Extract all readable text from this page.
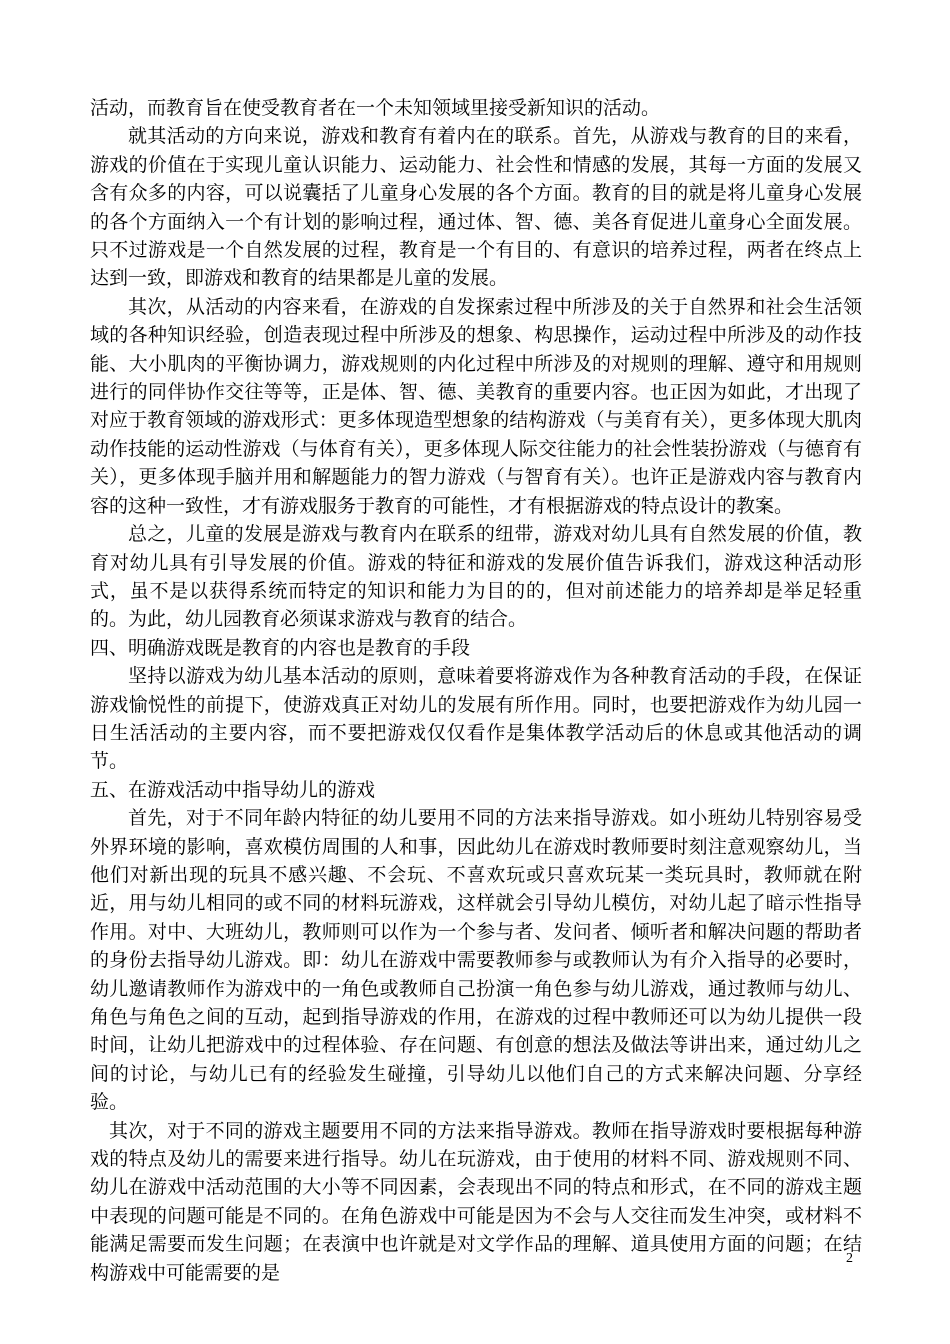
活动，而教育旨在使受教育者在一个未知领域里接受新知识的活动。

就其活动的方向来说，游戏和教育有着内在的联系。首先，从游戏与教育的目的来看，游戏的价值在于实现儿童认识能力、运动能力、社会性和情感的发展，其每一方面的发展又含有众多的内容，可以说囊括了儿童身心发展的各个方面。教育的目的就是将儿童身心发展的各个方面纳入一个有计划的影响过程，通过体、智、德、美各育促进儿童身心全面发展。只不过游戏是一个自然发展的过程，教育是一个有目的、有意识的培养过程，两者在终点上达到一致，即游戏和教育的结果都是儿童的发展。

其次，从活动的内容来看，在游戏的自发探索过程中所涉及的关于自然界和社会生活领域的各种知识经验，创造表现过程中所涉及的想象、构思操作，运动过程中所涉及的动作技能、大小肌肉的平衡协调力，游戏规则的内化过程中所涉及的对规则的理解、遵守和用规则进行的同伴协作交往等等，正是体、智、德、美教育的重要内容。也正因为如此，才出现了对应于教育领域的游戏形式：更多体现造型想象的结构游戏（与美育有关），更多体现大肌肉动作技能的运动性游戏（与体育有关），更多体现人际交往能力的社会性装扮游戏（与德育有关），更多体现手脑并用和解题能力的智力游戏（与智育有关）。也许正是游戏内容与教育内容的这种一致性，才有游戏服务于教育的可能性，才有根据游戏的特点设计的教案。

总之，儿童的发展是游戏与教育内在联系的纽带，游戏对幼儿具有自然发展的价值，教育对幼儿具有引导发展的价值。游戏的特征和游戏的发展价值告诉我们，游戏这种活动形式，虽不是以获得系统而特定的知识和能力为目的的，但对前述能力的培养却是举足轻重的。为此，幼儿园教育必须谋求游戏与教育的结合。

四、明确游戏既是教育的内容也是教育的手段

坚持以游戏为幼儿基本活动的原则，意味着要将游戏作为各种教育活动的手段，在保证游戏愉悦性的前提下，使游戏真正对幼儿的发展有所作用。同时，也要把游戏作为幼儿园一日生活活动的主要内容，而不要把游戏仅仅看作是集体教学活动后的休息或其他活动的调节。

五、在游戏活动中指导幼儿的游戏

首先，对于不同年龄内特征的幼儿要用不同的方法来指导游戏。如小班幼儿特别容易受外界环境的影响，喜欢模仿周围的人和事，因此幼儿在游戏时教师要时刻注意观察幼儿，当他们对新出现的玩具不感兴趣、不会玩、不喜欢玩或只喜欢玩某一类玩具时，教师就在附近，用与幼儿相同的或不同的材料玩游戏，这样就会引导幼儿模仿，对幼儿起了暗示性指导作用。对中、大班幼儿，教师则可以作为一个参与者、发问者、倾听者和解决问题的帮助者的身份去指导幼儿游戏。即：幼儿在游戏中需要教师参与或教师认为有介入指导的必要时，幼儿邀请教师作为游戏中的一角色或教师自己扮演一角色参与幼儿游戏，通过教师与幼儿、角色与角色之间的互动，起到指导游戏的作用，在游戏的过程中教师还可以为幼儿提供一段时间，让幼儿把游戏中的过程体验、存在问题、有创意的想法及做法等讲出来，通过幼儿之间的讨论，与幼儿已有的经验发生碰撞，引导幼儿以他们自己的方式来解决问题、分享经验。

其次，对于不同的游戏主题要用不同的方法来指导游戏。教师在指导游戏时要根据每种游戏的特点及幼儿的需要来进行指导。幼儿在玩游戏，由于使用的材料不同、游戏规则不同、幼儿在游戏中活动范围的大小等不同因素，会表现出不同的特点和形式，在不同的游戏主题中表现的问题可能是不同的。在角色游戏中可能是因为不会与人交往而发生冲突，或材料不能满足需要而发生问题；在表演中也许就是对文学作品的理解、道具使用方面的问题；在结构游戏中可能需要的是

2
